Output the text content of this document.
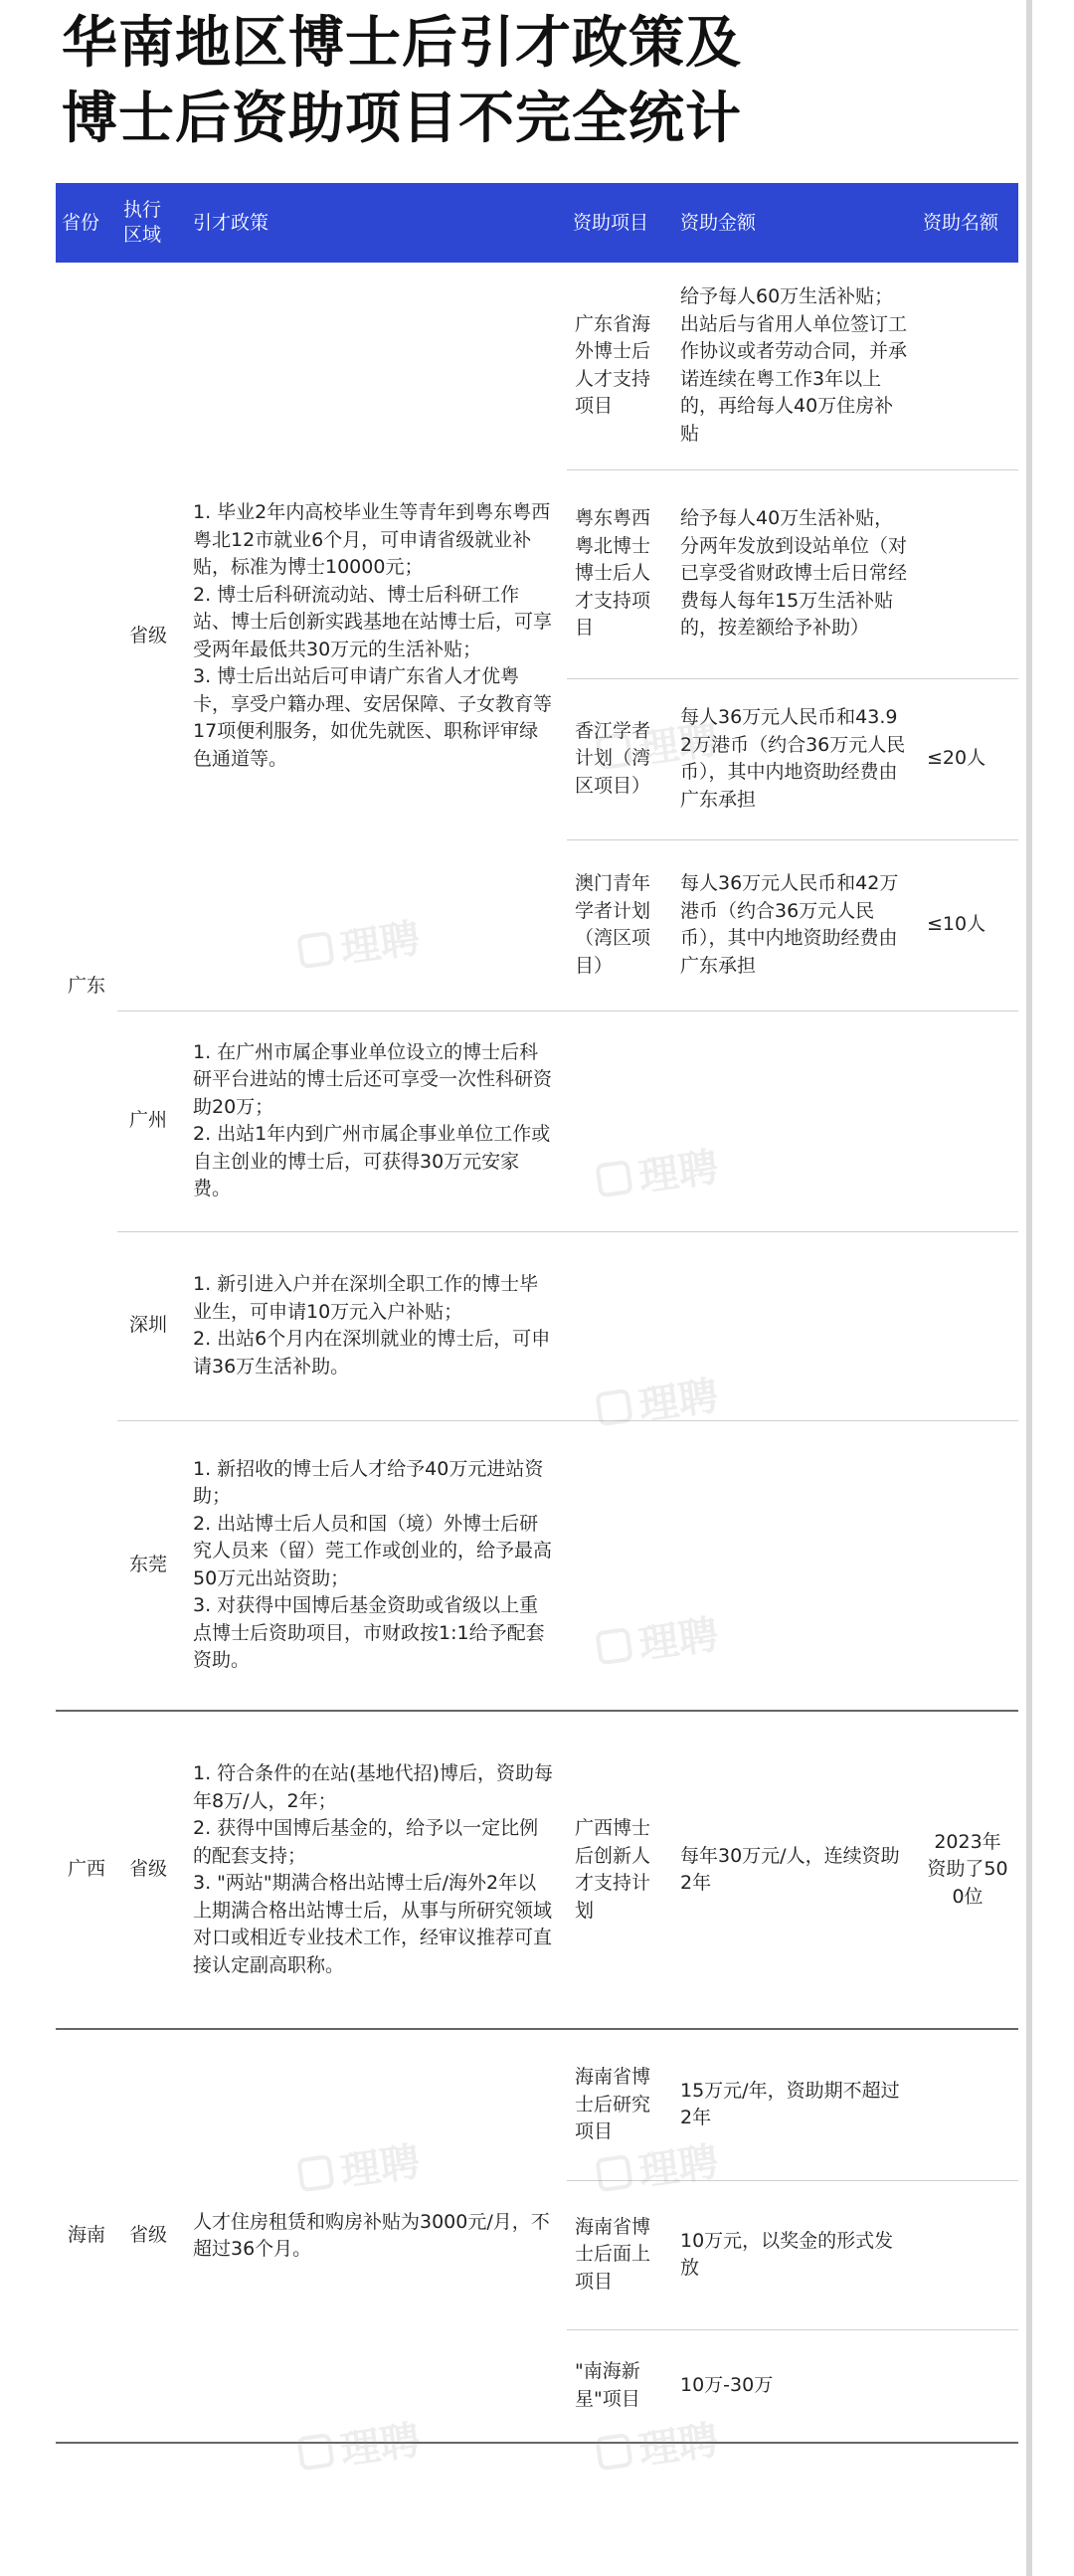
华南地区博士后引才政策及
博士后资助项目不完全统计
省份	执行区域	引才政策	资助项目	资助金额	资助名额
广东	省级	1. 毕业2年内高校毕业生等青年到粤东粤西粤北12市就业6个月，可申请省级就业补贴，标准为博士10000元；
2. 博士后科研流动站、博士后科研工作站、博士后创新实践基地在站博士后，可享受两年最低共30万元的生活补贴；
3. 博士后出站后可申请广东省人才优粤卡，享受户籍办理、安居保障、子女教育等17项便利服务，如优先就医、职称评审绿色通道等。	广东省海外博士后人才支持项目	给予每人60万生活补贴；出站后与省用人单位签订工作协议或者劳动合同，并承诺连续在粤工作3年以上的，再给每人40万住房补贴	
			粤东粤西粤北博士博士后人才支持项目	给予每人40万生活补贴，分两年发放到设站单位（对已享受省财政博士后日常经费每人每年15万生活补贴的，按差额给予补助）	
			香江学者计划（湾区项目）	每人36万元人民币和43.92万港币（约合36万元人民币），其中内地资助经费由广东承担	≤20人
			澳门青年学者计划（湾区项目）	每人36万元人民币和42万港币（约合36万元人民币），其中内地资助经费由广东承担	≤10人
	广州	1. 在广州市属企事业单位设立的博士后科研平台进站的博士后还可享受一次性科研资助20万；
2. 出站1年内到广州市属企事业单位工作或自主创业的博士后，可获得30万元安家费。			
	深圳	1. 新引进入户并在深圳全职工作的博士毕业生，可申请10万元入户补贴；
2. 出站6个月内在深圳就业的博士后，可申请36万生活补助。			
	东莞	1. 新招收的博士后人才给予40万元进站资助；
2. 出站博士后人员和国（境）外博士后研究人员来（留）莞工作或创业的，给予最高50万元出站资助；
3. 对获得中国博后基金资助或省级以上重点博士后资助项目，市财政按1:1给予配套资助。			
广西	省级	1. 符合条件的在站(基地代招)博后，资助每年8万/人，2年；
2. 获得中国博后基金的，给予以一定比例的配套支持；
3. "两站"期满合格出站博士后/海外2年以上期满合格出站博士后，从事与所研究领域对口或相近专业技术工作，经审议推荐可直接认定副高职称。	广西博士后创新人才支持计划	每年30万元/人，连续资助2年	2023年资助了500位
海南	省级	人才住房租赁和购房补贴为3000元/月，不超过36个月。	海南省博士后研究项目	15万元/年，资助期不超过2年	
			海南省博士后面上项目	10万元，以奖金的形式发放	
			"南海新星"项目	10万-30万	
理聘
理聘
理聘
理聘
理聘
理聘	理聘
理聘	理聘
